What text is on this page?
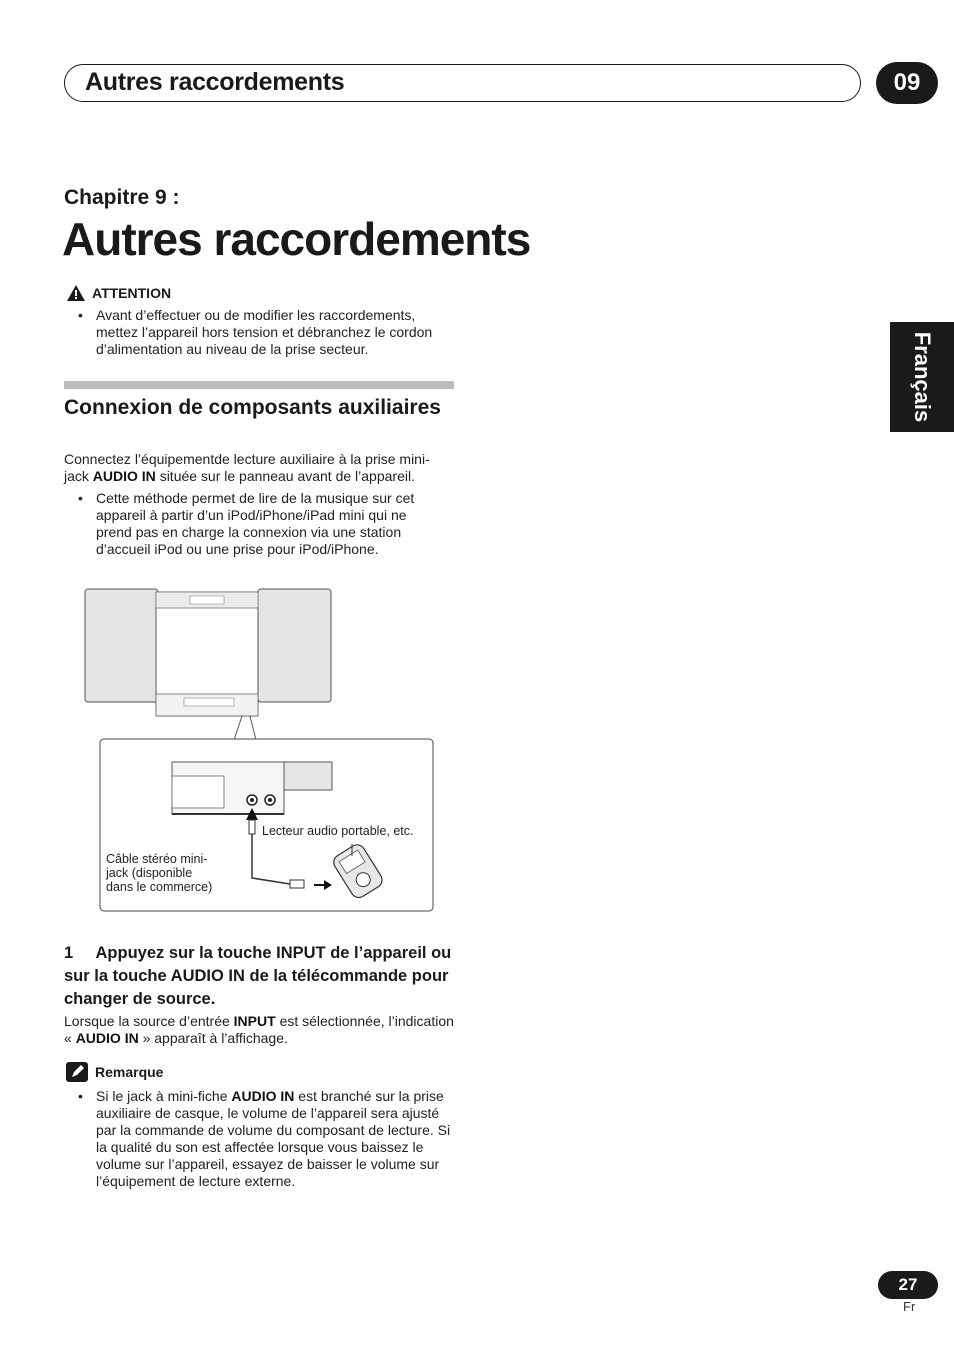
Autres raccordements	09
Français
Chapitre 9 :
Autres raccordements
ATTENTION
• Avant d’effectuer ou de modifier les raccordements, mettez l’appareil hors tension et débranchez le cordon d’alimentation au niveau de la prise secteur.
Connexion de composants auxiliaires
Connectez l’équipementde lecture auxiliaire à la prise mini-jack AUDIO IN située sur le panneau avant de l’appareil.
• Cette méthode permet de lire de la musique sur cet appareil à partir d’un iPod/iPhone/iPad mini qui ne prend pas en charge la connexion via une station d’accueil iPod ou une prise pour iPod/iPhone.
Lecteur audio portable, etc.
Câble stéréo mini-
jack (disponible
dans le commerce)
1 Appuyez sur la touche INPUT de l’appareil ou sur la touche AUDIO IN de la télécommande pour changer de source.
Lorsque la source d’entrée INPUT est sélectionnée, l’indication « AUDIO IN » apparaît à l’affichage.
Remarque
• Si le jack à mini-fiche AUDIO IN est branché sur la prise auxiliaire de casque, le volume de l’appareil sera ajusté par la commande de volume du composant de lecture. Si la qualité du son est affectée lorsque vous baissez le volume sur l’appareil, essayez de baisser le volume sur l’équipement de lecture externe.
27
Fr
